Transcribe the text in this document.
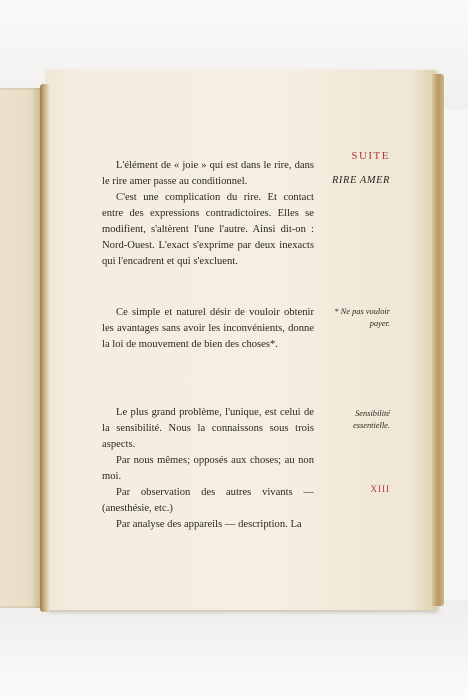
SUITE

RIRE AMER

L'élément de « joie » qui est dans le rire, dans le rire amer passe au conditionnel.

C'est une complication du rire. Et contact entre des expressions contradictoires. Elles se modifient, s'altèrent l'une l'autre. Ainsi dit-on : Nord-Ouest. L'exact s'exprime par deux inexacts qui l'encadrent et qui s'excluent.

* Ne pas vouloir payer.

Ce simple et naturel désir de vouloir obtenir les avantages sans avoir les inconvénients, donne la loi de mouvement de bien des choses*.

Sensibilité essentielle.

Le plus grand problème, l'unique, est celui de la sensibilité. Nous la connaissons sous trois aspects.

Par nous mêmes; opposés aux choses; au non moi.

Par observation des autres vivants — (anesthésie, etc.)

Par analyse des appareils — description. La

XIII
